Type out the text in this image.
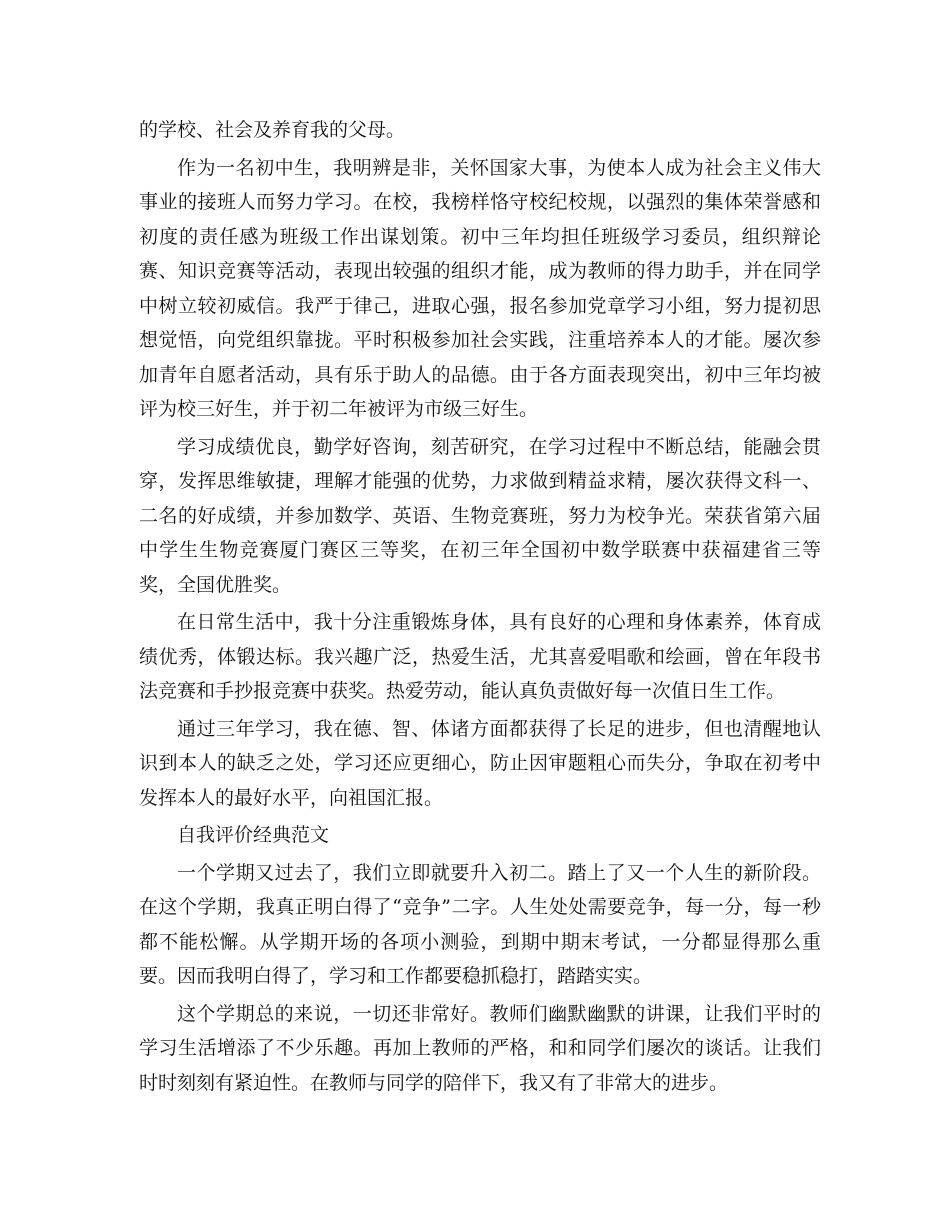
的学校、社会及养育我的父母。

作为一名初中生，我明辨是非，关怀国家大事，为使本人成为社会主义伟大事业的接班人而努力学习。在校，我榜样恪守校纪校规，以强烈的集体荣誉感和初度的责任感为班级工作出谋划策。初中三年均担任班级学习委员，组织辩论赛、知识竞赛等活动，表现出较强的组织才能，成为教师的得力助手，并在同学中树立较初威信。我严于律己，进取心强，报名参加党章学习小组，努力提初思想觉悟，向党组织靠拢。平时积极参加社会实践，注重培养本人的才能。屡次参加青年自愿者活动，具有乐于助人的品德。由于各方面表现突出，初中三年均被评为校三好生，并于初二年被评为市级三好生。

学习成绩优良，勤学好咨询，刻苦研究，在学习过程中不断总结，能融会贯穿，发挥思维敏捷，理解才能强的优势，力求做到精益求精，屡次获得文科一、二名的好成绩，并参加数学、英语、生物竞赛班，努力为校争光。荣获省第六届中学生生物竞赛厦门赛区三等奖，在初三年全国初中数学联赛中获福建省三等奖，全国优胜奖。

在日常生活中，我十分注重锻炼身体，具有良好的心理和身体素养，体育成绩优秀，体锻达标。我兴趣广泛，热爱生活，尤其喜爱唱歌和绘画，曾在年段书法竞赛和手抄报竞赛中获奖。热爱劳动，能认真负责做好每一次值日生工作。

通过三年学习，我在德、智、体诸方面都获得了长足的进步，但也清醒地认识到本人的缺乏之处，学习还应更细心，防止因审题粗心而失分，争取在初考中发挥本人的最好水平，向祖国汇报。

自我评价经典范文

一个学期又过去了，我们立即就要升入初二。踏上了又一个人生的新阶段。在这个学期，我真正明白得了“竞争”二字。人生处处需要竞争，每一分，每一秒都不能松懈。从学期开场的各项小测验，到期中期末考试，一分都显得那么重要。因而我明白得了，学习和工作都要稳抓稳打，踏踏实实。

这个学期总的来说，一切还非常好。教师们幽默幽默的讲课，让我们平时的学习生活增添了不少乐趣。再加上教师的严格，和和同学们屡次的谈话。让我们时时刻刻有紧迫性。在教师与同学的陪伴下，我又有了非常大的进步。
